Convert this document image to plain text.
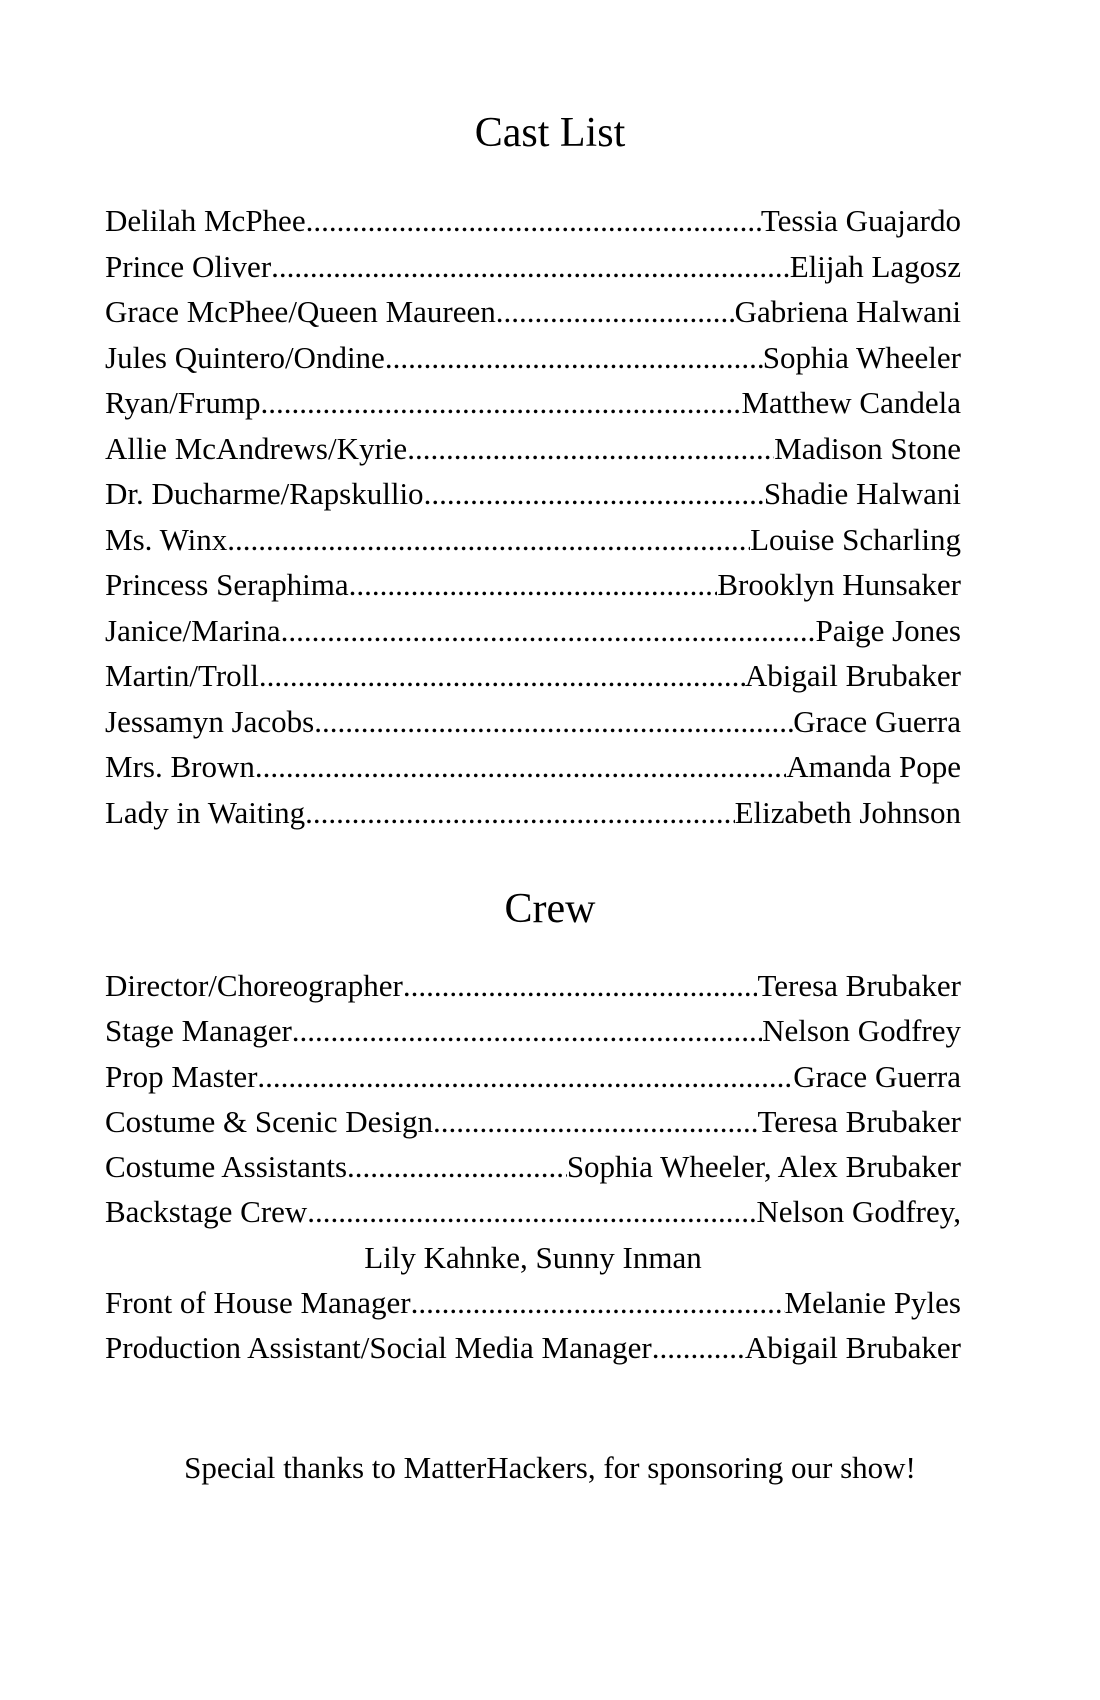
Cast List
Delilah McPhee .....	Tessia Guajardo
Prince Oliver .....	Elijah Lagosz
Grace McPhee/Queen Maureen .....	Gabriena Halwani
Jules Quintero/Ondine .....	Sophia Wheeler
Ryan/Frump .....	Matthew Candela
Allie McAndrews/Kyrie .....	Madison Stone
Dr. Ducharme/Rapskullio .....	Shadie Halwani
Ms. Winx .....	Louise Scharling
Princess Seraphima .....	Brooklyn Hunsaker
Janice/Marina .....	Paige Jones
Martin/Troll .....	Abigail Brubaker
Jessamyn Jacobs .....	Grace Guerra
Mrs. Brown .....	Amanda Pope
Lady in Waiting .....	Elizabeth Johnson
Crew
Director/Choreographer .....	Teresa Brubaker
Stage Manager .....	Nelson Godfrey
Prop Master .....	Grace Guerra
Costume & Scenic Design .....	Teresa Brubaker
Costume Assistants .....	Sophia Wheeler, Alex Brubaker
Backstage Crew .....	Nelson Godfrey,
Lily Kahnke, Sunny Inman
Front of House Manager .....	Melanie Pyles
Production Assistant/Social Media Manager .....	Abigail Brubaker
Special thanks to MatterHackers, for sponsoring our show!
